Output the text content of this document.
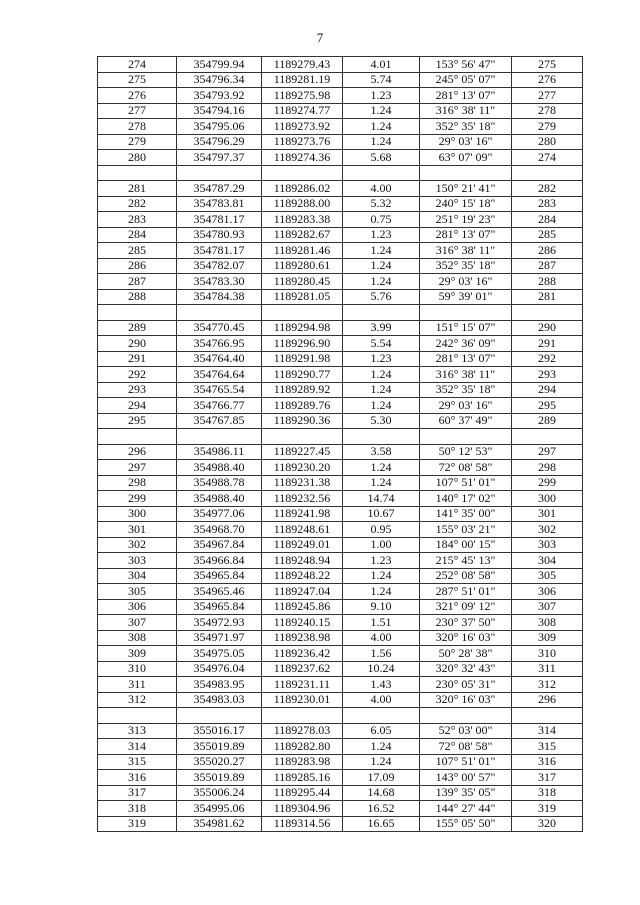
7
274	354799.94	1189279.43	4.01	153° 56' 47"	275
275	354796.34	1189281.19	5.74	245° 05' 07"	276
276	354793.92	1189275.98	1.23	281° 13' 07"	277
277	354794.16	1189274.77	1.24	316° 38' 11"	278
278	354795.06	1189273.92	1.24	352° 35' 18"	279
279	354796.29	1189273.76	1.24	29° 03' 16"	280
280	354797.37	1189274.36	5.68	63° 07' 09"	274

281	354787.29	1189286.02	4.00	150° 21' 41"	282
282	354783.81	1189288.00	5.32	240° 15' 18"	283
283	354781.17	1189283.38	0.75	251° 19' 23"	284
284	354780.93	1189282.67	1.23	281° 13' 07"	285
285	354781.17	1189281.46	1.24	316° 38' 11"	286
286	354782.07	1189280.61	1.24	352° 35' 18"	287
287	354783.30	1189280.45	1.24	29° 03' 16"	288
288	354784.38	1189281.05	5.76	59° 39' 01"	281

289	354770.45	1189294.98	3.99	151° 15' 07"	290
290	354766.95	1189296.90	5.54	242° 36' 09"	291
291	354764.40	1189291.98	1.23	281° 13' 07"	292
292	354764.64	1189290.77	1.24	316° 38' 11"	293
293	354765.54	1189289.92	1.24	352° 35' 18"	294
294	354766.77	1189289.76	1.24	29° 03' 16"	295
295	354767.85	1189290.36	5.30	60° 37' 49"	289

296	354986.11	1189227.45	3.58	50° 12' 53"	297
297	354988.40	1189230.20	1.24	72° 08' 58"	298
298	354988.78	1189231.38	1.24	107° 51' 01"	299
299	354988.40	1189232.56	14.74	140° 17' 02"	300
300	354977.06	1189241.98	10.67	141° 35' 00"	301
301	354968.70	1189248.61	0.95	155° 03' 21"	302
302	354967.84	1189249.01	1.00	184° 00' 15"	303
303	354966.84	1189248.94	1.23	215° 45' 13"	304
304	354965.84	1189248.22	1.24	252° 08' 58"	305
305	354965.46	1189247.04	1.24	287° 51' 01"	306
306	354965.84	1189245.86	9.10	321° 09' 12"	307
307	354972.93	1189240.15	1.51	230° 37' 50"	308
308	354971.97	1189238.98	4.00	320° 16' 03"	309
309	354975.05	1189236.42	1.56	50° 28' 38"	310
310	354976.04	1189237.62	10.24	320° 32' 43"	311
311	354983.95	1189231.11	1.43	230° 05' 31"	312
312	354983.03	1189230.01	4.00	320° 16' 03"	296

313	355016.17	1189278.03	6.05	52° 03' 00"	314
314	355019.89	1189282.80	1.24	72° 08' 58"	315
315	355020.27	1189283.98	1.24	107° 51' 01"	316
316	355019.89	1189285.16	17.09	143° 00' 57"	317
317	355006.24	1189295.44	14.68	139° 35' 05"	318
318	354995.06	1189304.96	16.52	144° 27' 44"	319
319	354981.62	1189314.56	16.65	155° 05' 50"	320
